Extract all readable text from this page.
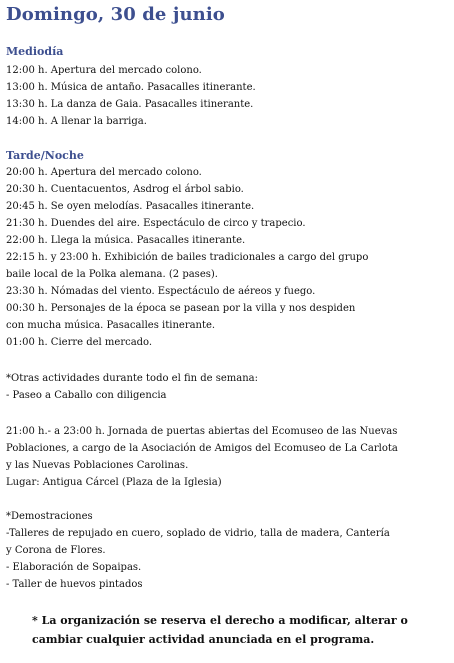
Domingo, 30 de junio
Mediodía
12:00 h. Apertura del mercado colono.
13:00 h. Música de antaño. Pasacalles itinerante.
13:30 h. La danza de Gaia. Pasacalles itinerante.
14:00 h. A llenar la barriga.
Tarde/Noche
20:00 h. Apertura del mercado colono.
20:30 h. Cuentacuentos, Asdrog el árbol sabio.
20:45 h. Se oyen melodías. Pasacalles itinerante.
21:30 h. Duendes del aire. Espectáculo de circo y trapecio.
22:00 h. Llega la música. Pasacalles itinerante.
22:15 h. y 23:00 h. Exhibición de bailes tradicionales a cargo del grupo
baile local de la Polka alemana. (2 pases).
23:30 h. Nómadas del viento. Espectáculo de aéreos y fuego.
00:30 h. Personajes de la época se pasean por la villa y nos despiden
con mucha música. Pasacalles itinerante.
01:00 h. Cierre del mercado.
*Otras actividades durante todo el fin de semana:
- Paseo a Caballo con diligencia
21:00 h.- a 23:00 h. Jornada de puertas abiertas del Ecomuseo de las Nuevas
Poblaciones, a cargo de la Asociación de Amigos del Ecomuseo de La Carlota
y las Nuevas Poblaciones Carolinas.
Lugar: Antigua Cárcel (Plaza de la Iglesia)
*Demostraciones
-Talleres de repujado en cuero, soplado de vidrio, talla de madera, Cantería
y Corona de Flores.
- Elaboración de Sopaipas.
- Taller de huevos pintados
* La organización se reserva el derecho a modificar, alterar o
cambiar cualquier actividad anunciada en el programa.
